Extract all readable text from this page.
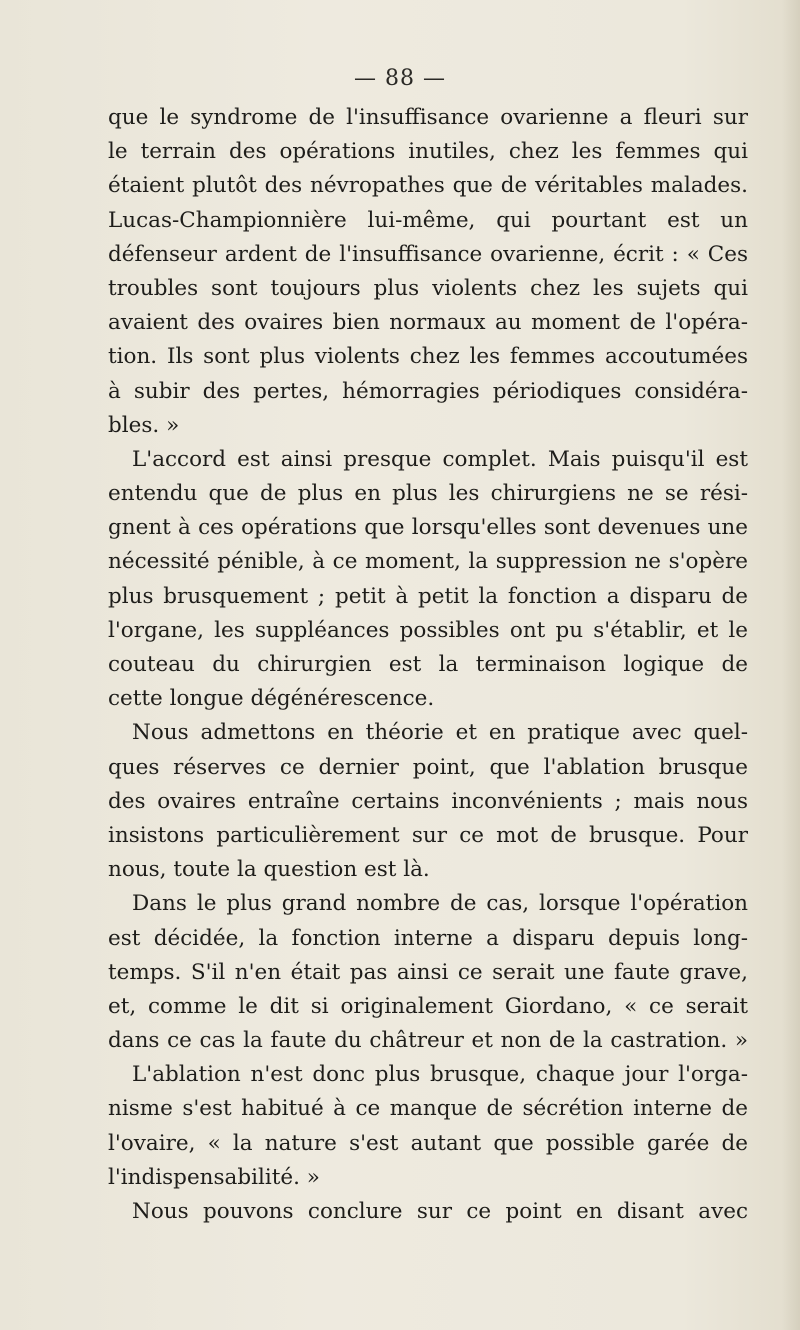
— 88 —
que le syndrome de l'insuffisance ovarienne a fleuri sur
le terrain des opérations inutiles, chez les femmes qui
étaient plutôt des névropathes que de véritables malades.
Lucas-Championnière lui-même, qui pourtant est un
défenseur ardent de l'insuffisance ovarienne, écrit : « Ces
troubles sont toujours plus violents chez les sujets qui
avaient des ovaires bien normaux au moment de l'opéra-
tion. Ils sont plus violents chez les femmes accoutumées
à subir des pertes, hémorragies périodiques considéra-
bles. »
L'accord est ainsi presque complet. Mais puisqu'il est
entendu que de plus en plus les chirurgiens ne se rési-
gnent à ces opérations que lorsqu'elles sont devenues une
nécessité pénible, à ce moment, la suppression ne s'opère
plus brusquement ; petit à petit la fonction a disparu de
l'organe, les suppléances possibles ont pu s'établir, et le
couteau du chirurgien est la terminaison logique de
cette longue dégénérescence.
Nous admettons en théorie et en pratique avec quel-
ques réserves ce dernier point, que l'ablation brusque
des ovaires entraîne certains inconvénients ; mais nous
insistons particulièrement sur ce mot de brusque. Pour
nous, toute la question est là.
Dans le plus grand nombre de cas, lorsque l'opération
est décidée, la fonction interne a disparu depuis long-
temps. S'il n'en était pas ainsi ce serait une faute grave,
et, comme le dit si originalement Giordano, « ce serait
dans ce cas la faute du châtreur et non de la castration. »
L'ablation n'est donc plus brusque, chaque jour l'orga-
nisme s'est habitué à ce manque de sécrétion interne de
l'ovaire, « la nature s'est autant que possible garée de
l'indispensabilité. »
Nous pouvons conclure sur ce point en disant avec
